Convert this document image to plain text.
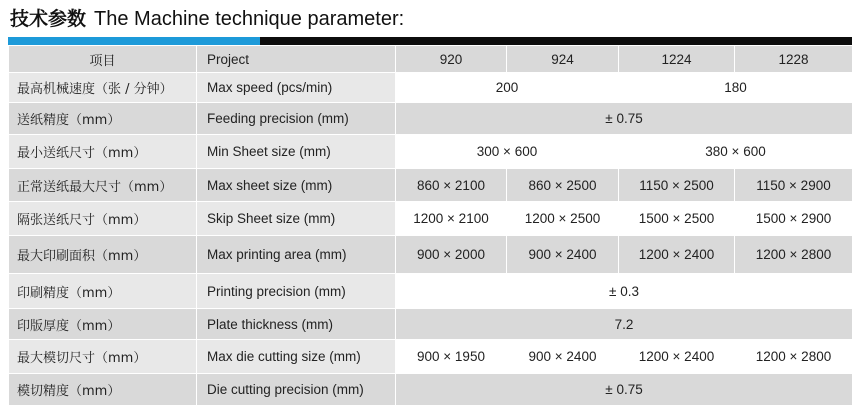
技术参数 The Machine technique parameter:
项目	Project	920	924	1224	1228
最高机械速度（张 / 分钟）	Max speed (pcs/min)	200		180	
送纸精度（mm）	Feeding precision (mm)	± 0.75			
最小送纸尺寸（mm）	Min Sheet size (mm)	300 × 600		380 × 600	
正常送纸最大尺寸（mm）	Max sheet size (mm)	860 × 2100	860 × 2500	1150 × 2500	1150 × 2900
隔张送纸尺寸（mm）	Skip Sheet size (mm)	1200 × 2100	1200 × 2500	1500 × 2500	1500 × 2900
最大印刷面积（mm）	Max printing area (mm)	900 × 2000	900 × 2400	1200 × 2400	1200 × 2800
印刷精度（mm）	Printing precision (mm)	± 0.3			
印版厚度（mm）	Plate thickness (mm)	7.2			
最大模切尺寸（mm）	Max die cutting size (mm)	900 × 1950	900 × 2400	1200 × 2400	1200 × 2800
模切精度（mm）	Die cutting precision (mm)	± 0.75			
